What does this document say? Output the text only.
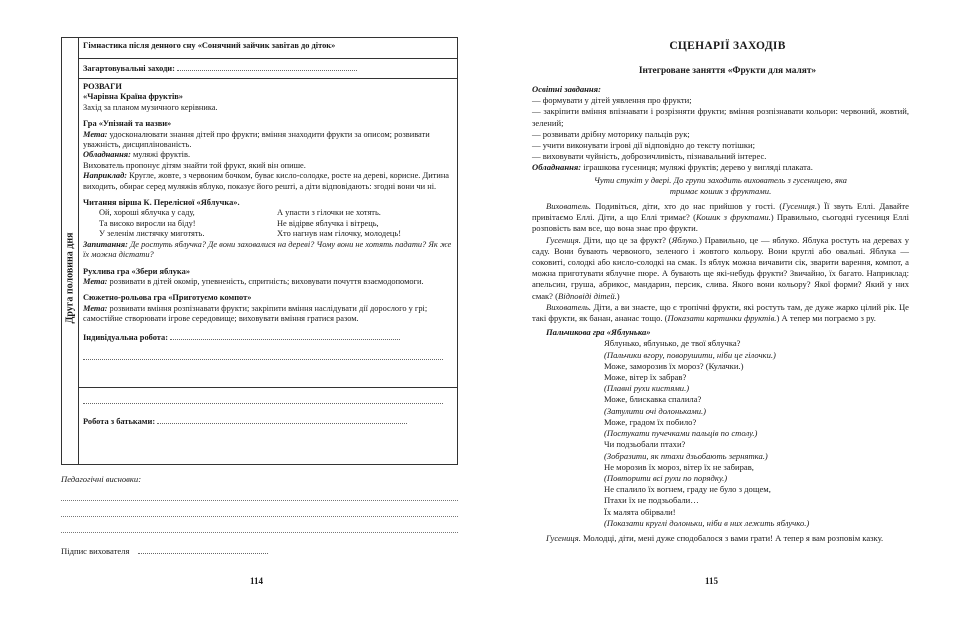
Друга половина дня
Гімнастика після денного сну «Сонячний зайчик завітав до діток»
Загартовувальні заходи:

РОЗВАГИ

«Чарівна Країна фруктів»

Захід за планом музичного керівника.

Гра «Упізнай та назви»

Мета: удосконалювати знання дітей про фрукти; вміння знаходити фрукти за описом; розвивати уважність, дисциплінованість.

Обладнання: муляжі фруктів.

Вихователь пропонує дітям знайти той фрукт, який він опише.

Наприклад: Кругле, жовте, з червоним бочком, буває кисло-солодке, росте на дереві, корисне. Дитина виходить, обирає серед муляжів яблуко, показує його решті, а діти відповідають: згодні вони чи ні.

Читання вірша К. Перелісної «Яблучка».

Ой, хороші яблучка у саду,	А упасти з гілочки не хотять.
Та високо виросли на біду!	Не відірве яблучка і вітрець,
У зеленім листячку миготять.	Хто нагнув нам гілочку, молодець!

Запитання: Де ростуть яблучка? Де вони заховалися на дереві? Чому вони не хотять падати? Як же їх можна дістати?

Рухлива гра «Збери яблука»

Мета: розвивати в дітей окомір, упевненість, спритність; виховувати почуття взаємодопомоги.

Сюжетно-рольова гра «Приготуємо компот»

Мета: розвивати вміння розпізнавати фрукти; закріпити вміння наслідувати дії дорослого у грі; самостійне створювати ігрове середовище; виховувати вміння гратися разом.

Індивідуальна робота:

Робота з батьками:

Педагогічні висновки:
Підпис вихователя
114
СЦЕНАРІЇ ЗАХОДІВ
Інтегроване заняття «Фрукти для малят»

Освітні завдання:

— формувати у дітей уявлення про фрукти;

— закріпити вміння впізнавати і розрізняти фрукти; вміння розпізнавати кольори: червоний, жовтий, зелений;

— розвивати дрібну моторику пальців рук;

— учити виконувати ігрові дії відповідно до тексту потішки;

— виховувати чуйність, доброзичливість, пізнавальний інтерес.

Обладнання: іграшкова гусениця; муляжі фруктів; дерево у вигляді плаката.

Чути стукіт у двері. До групи заходить вихователь з гусеницею, яка тримає кошик з фруктами.

Вихователь. Подивіться, діти, хто до нас прийшов у гості. (Гусениця.) Її звуть Еллі. Давайте привітаємо Еллі. Діти, а що Еллі тримає? (Кошик з фруктами.) Правильно, сьогодні гусениця Еллі розповість вам все, що вона знає про фрукти.

Гусениця. Діти, що це за фрукт? (Яблуко.) Правильно, це — яблуко. Яблука ростуть на деревах у саду. Вони бувають червоного, зеленого і жовтого кольору. Вони круглі або овальні. Яблука — соковиті, солодкі або кисло-солодкі на смак. Із яблук можна вичавити сік, зварити варення, компот, а можна приготувати яблучне пюре. А бувають ще які-небудь фрукти? Звичайно, їх багато. Наприклад: апельсин, груша, абрикос, мандарин, персик, слива. Якого вони кольору? Якої форми? Який у них смак? (Відповіді дітей.)

Вихователь. Діти, а ви знаєте, що є тропічні фрукти, які ростуть там, де дуже жарко цілий рік. Це такі фрукти, як банан, ананас тощо. (Показати картинки фруктів.) А тепер ми пограємо з ру.

Пальчикова гра «Яблунька»

Яблунько, яблунько, де твої яблучка?

(Пальчики вгору, поворушити, ніби це гілочки.)

Може, заморозив їх мороз? (Кулачки.)

Може, вітер їх забрав?

(Плавні рухи кистями.)

Може, блискавка спалила?

(Затулити очі долоньками.)

Може, градом їх побило?

(Постукати пучечками пальців по столу.)

Чи подзьобали птахи?

(Зобразити, як птахи дзьобають зернятка.)

Не морозив їх мороз, вітер їх не забирав,

(Повторити всі рухи по порядку.)

Не спалило їх вогнем, граду не було з дощем,

Птахи їх не подзьобали…

Їх малята обірвали!

(Показати круглі долоньки, ніби в них лежить яблучко.)

Гусениця. Молодці, діти, мені дуже сподобалося з вами грати! А тепер я вам розповім казку.

115
